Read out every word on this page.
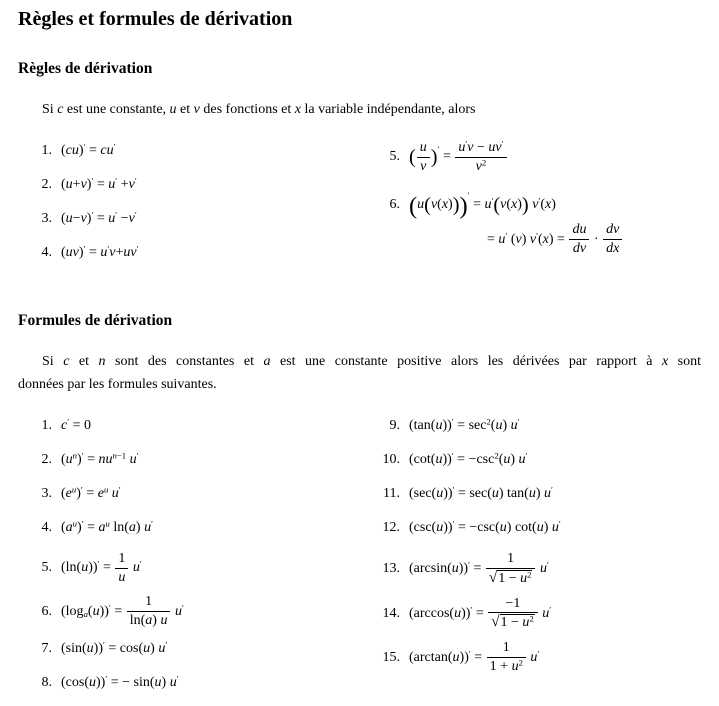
Règles et formules de dérivation
Règles de dérivation

Si c est une constante, u et v des fonctions et x la variable indépendante, alors

1. (cu)′ = cu′
2. (u+v)′ = u′ +v′
3. (u−v)′ = u′ −v′
4. (uv)′ = u′v+uv′
5. ( $\frac{u}{v} )' = \frac{u'v - uv'}{v^2}$
6. (u(v(x)))′ = u′(v(x)) v′(x)
= u′ (v) $v'(x) = \frac{du}{dv} \cdot \frac{dv}{dx}$
Formules de dérivation

Si c et n sont des constantes et a est une constante positive alors les dérivées par rapport à x sont

données par les formules suivantes.

1. c′ = 0
2. $(u^n)' = nu^{n-1}$ u′
3. $(e^u)' = e^u$ u′
4. $(a^u)' = a^u$ ln(a) u′
5. $(\ln(u))' = \frac{1}{u} u'$
6. $(\log_a(u))' = \frac{1}{\ln(a) u} u'$
7. (sin(u))′ = cos(u) u′
8. (cos(u))′ = − sin(u) u′
9. $(\tan(u))' = \sec^2(u)$ u′
10. $(\cot(u))' = -\csc^2(u)$ u′
11. (sec(u))′ = sec(u) tan(u) u′
12. (csc(u))′ = −csc(u) cot(u) u′
13. $(\arcsin(u))' = \frac{1}{√1 - u^2} u'$
14. $(\arccos(u))' = \frac{-1}{√1 - u^2} u'$
15. $(\arctan(u))' = \frac{1}{1 + u^2} u'$
